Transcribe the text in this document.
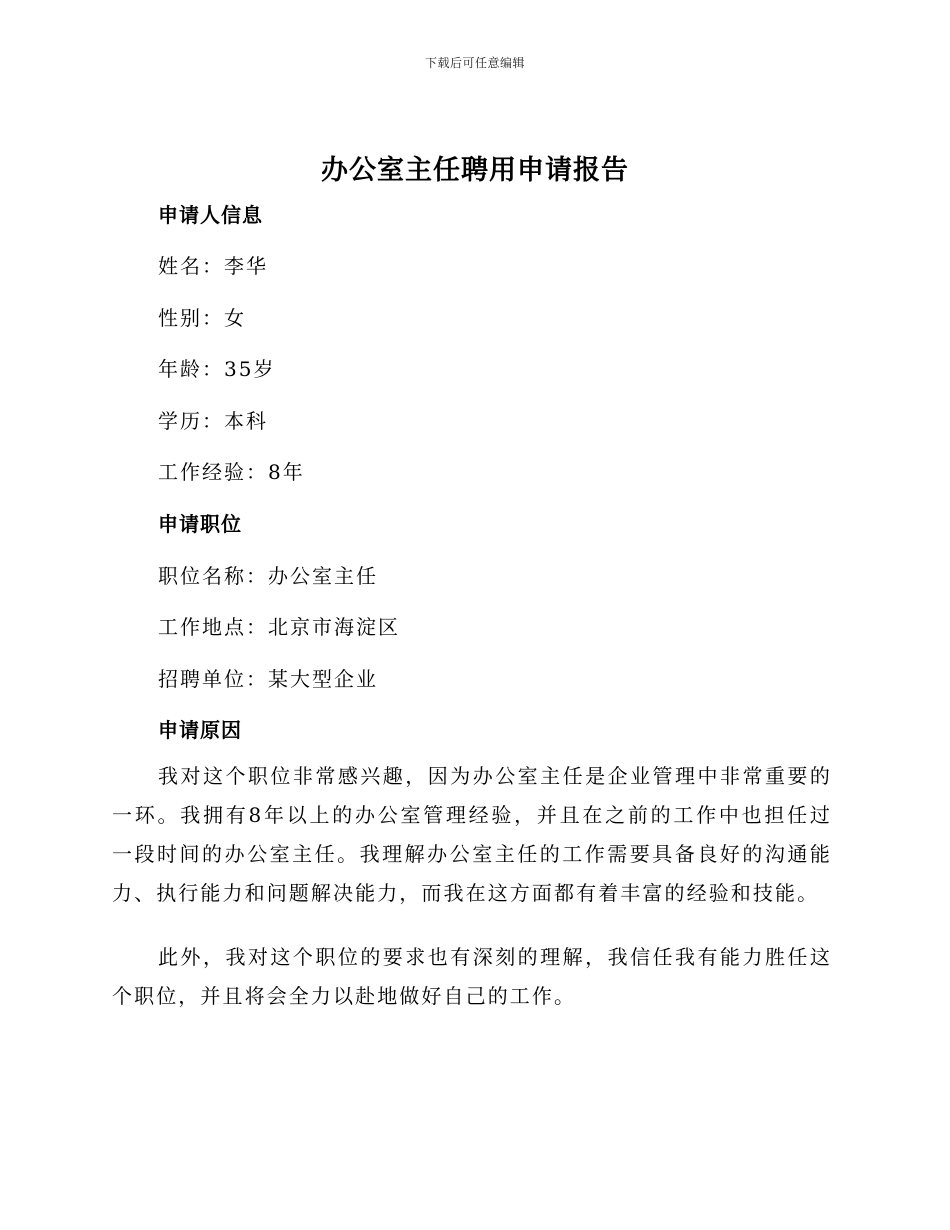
下载后可任意编辑
办公室主任聘用申请报告
申请人信息
姓名：李华
性别：女
年龄：35岁
学历：本科
工作经验：8年
申请职位
职位名称：办公室主任
工作地点：北京市海淀区
招聘单位：某大型企业
申请原因
我对这个职位非常感兴趣，因为办公室主任是企业管理中非常重要的一环。我拥有8年以上的办公室管理经验，并且在之前的工作中也担任过一段时间的办公室主任。我理解办公室主任的工作需要具备良好的沟通能力、执行能力和问题解决能力，而我在这方面都有着丰富的经验和技能。
此外，我对这个职位的要求也有深刻的理解，我信任我有能力胜任这个职位，并且将会全力以赴地做好自己的工作。
